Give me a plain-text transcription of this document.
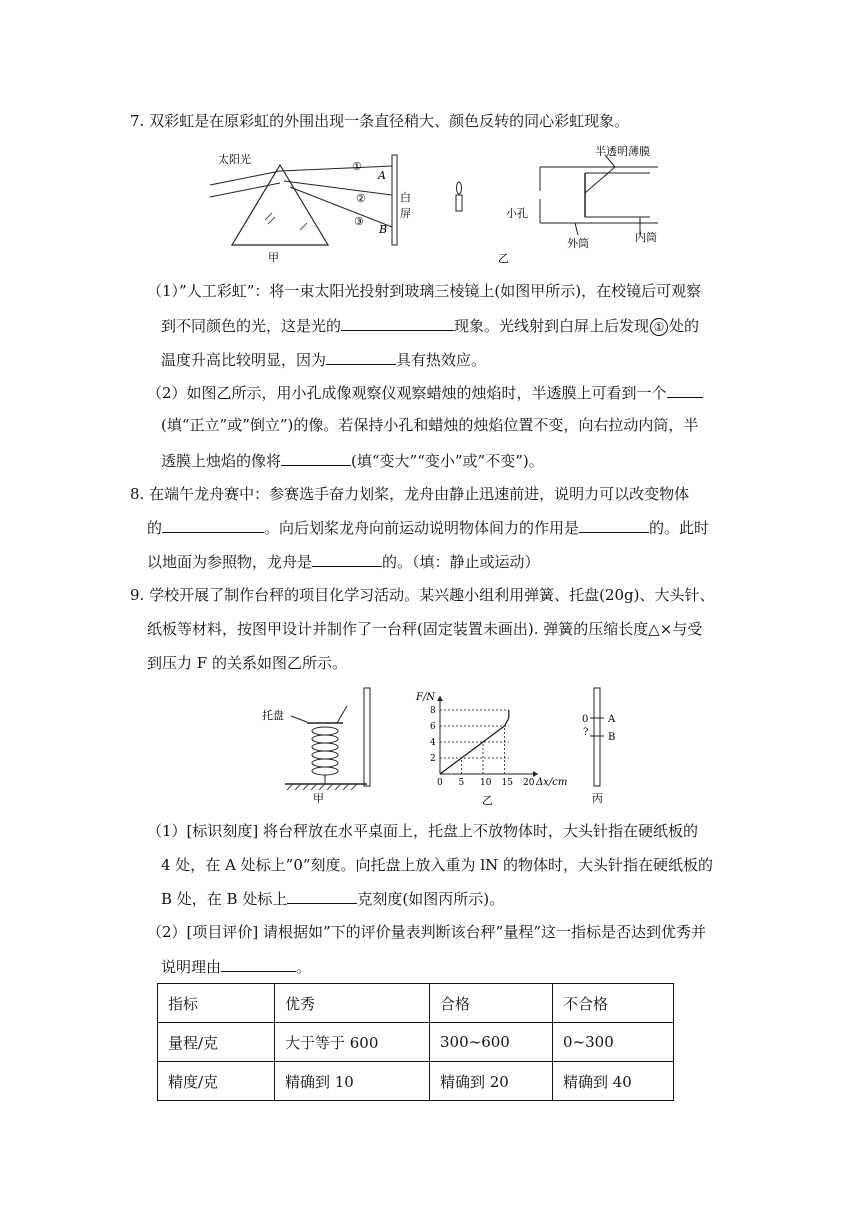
7. 双彩虹是在原彩虹的外围出现一条直径稍大、颜色反转的同心彩虹现象。
太阳光
①
②
③
A
B
白
屏
甲
半透明薄膜
小孔
外筒	内筒
乙
（1）”人工彩虹”：将一束太阳光投射到玻璃三棱镜上(如图甲所示)，在校镜后可观察
到不同颜色的光，这是光的	现象。光线射到白屏上后发现 ① 处的
温度升高比较明显，因为	具有热效应。
（2）如图乙所示，用小孔成像观察仪观察蜡烛的烛焰时，半透膜上可看到一个
(填“正立”或”倒立”)的像。若保持小孔和蜡烛的烛焰位置不变，向右拉动内筒，半
透膜上烛焰的像将	(填“变大”“变小”或”不变”)。
8. 在端午龙舟赛中：参赛选手奋力划桨，龙舟由静止迅速前进，说明力可以改变物体
的	。向后划桨龙舟向前运动说明物体间力的作用是	的。此时
以地面为参照物，龙舟是	的。（填：静止或运动）
9. 学校开展了制作台秤的项目化学习活动。某兴趣小组利用弹簧、托盘(20g)、大头针、
纸板等材料，按图甲设计并制作了一台秤(固定装置未画出). 弹簧的压缩长度△×与受
到压力 F 的关系如图乙所示。
托盘
甲
F/N
Δx/cm
乙
2
4
6
8
0 5 10 15 20
0 A
? B
丙
（1）[标识刻度] 将台秤放在水平桌面上，托盘上不放物体时，大头针指在硬纸板的
4 处，在 A 处标上”0”刻度。向托盘上放入重为 lN 的物体时，大头针指在硬纸板的
B 处，在 B 处标上	克刻度(如图丙所示)。
（2）[项目评价] 请根据如”下的评价量表判断该台秤”量程”这一指标是否达到优秀并
说明理由	。
指标	优秀	合格	不合格
量程/克	大于等于 600	300~600	0~300
精度/克	精确到 10	精确到 20	精确到 40
